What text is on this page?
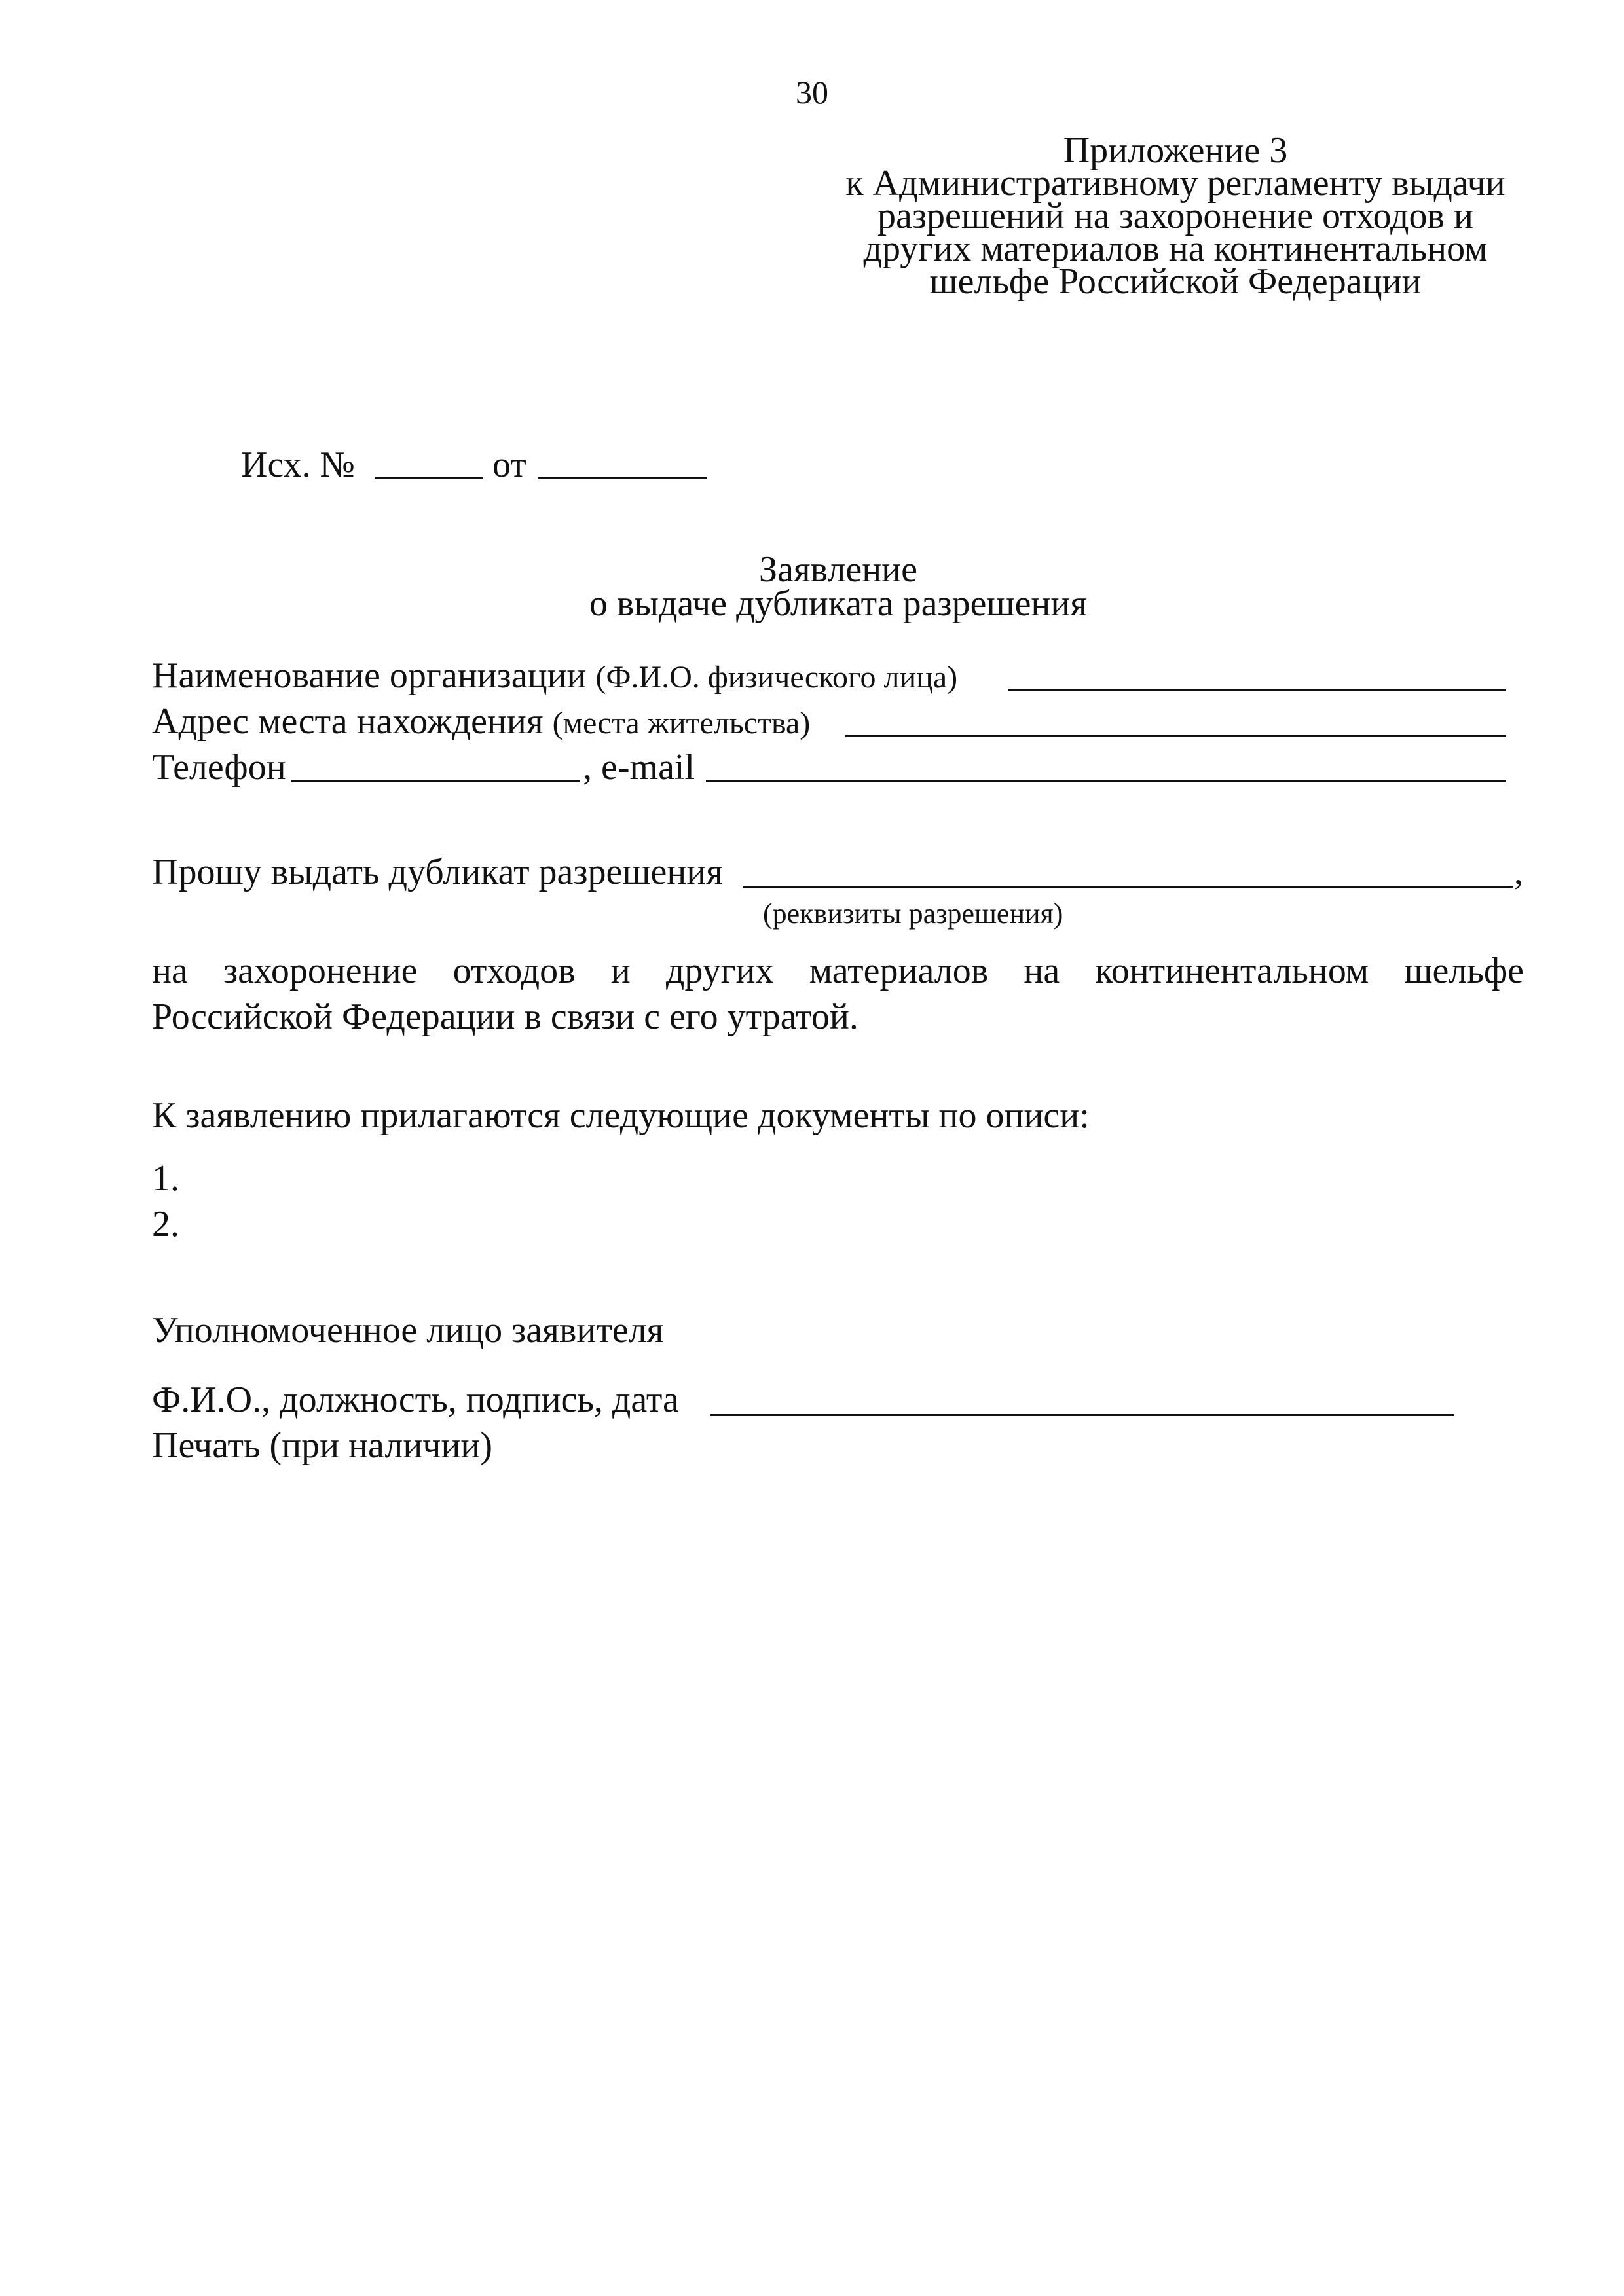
30
Приложение 3
к Административному регламенту выдачи
разрешений на захоронение отходов и
других материалов на континентальном
шельфе Российской Федерации
Исх. №	от
Заявление
о выдаче дубликата разрешения
Наименование организации (Ф.И.О. физического лица)
Адрес места нахождения (места жительства)
Телефон	, e-mail
Прошу выдать дубликат разрешения	,
(реквизиты разрешения)
на захоронение отходов и других материалов на континентальном шельфе
Российской Федерации в связи с его утратой.
К заявлению прилагаются следующие документы по описи:
1.
2.
Уполномоченное лицо заявителя
Ф.И.О., должность, подпись, дата
Печать (при наличии)
